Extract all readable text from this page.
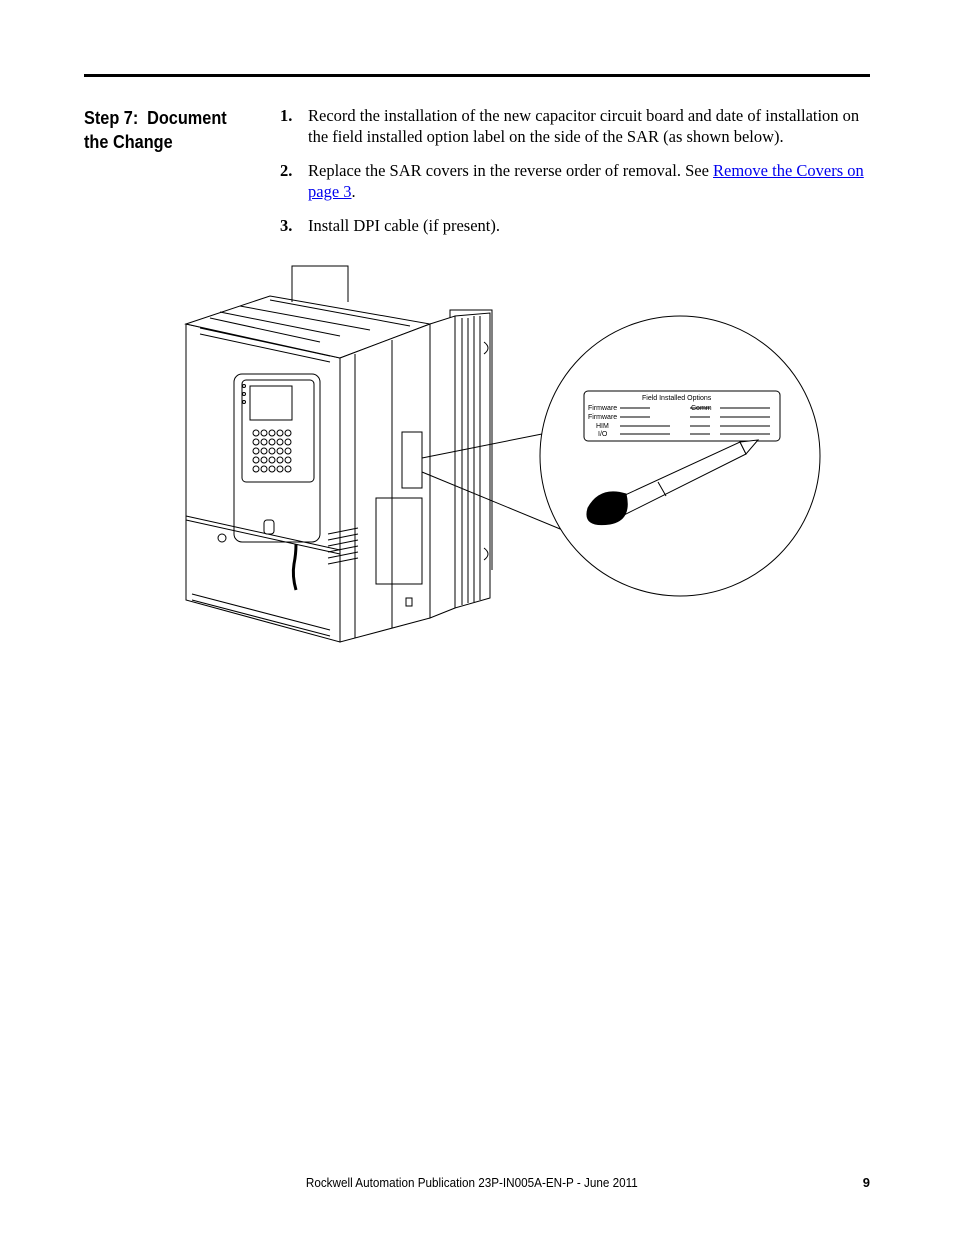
Step 7: Document
the Change
1. Record the installation of the new capacitor circuit board and date of installation on the field installed option label on the side of the SAR (as shown below).
2. Replace the SAR covers in the reverse order of removal. See Remove the Covers on page 3.
3. Install DPI cable (if present).
Field Installed Options
Firmware
Firmware
HIM
I/O
Comm
Rockwell Automation Publication 23P-IN005A-EN-P - June 2011	9
